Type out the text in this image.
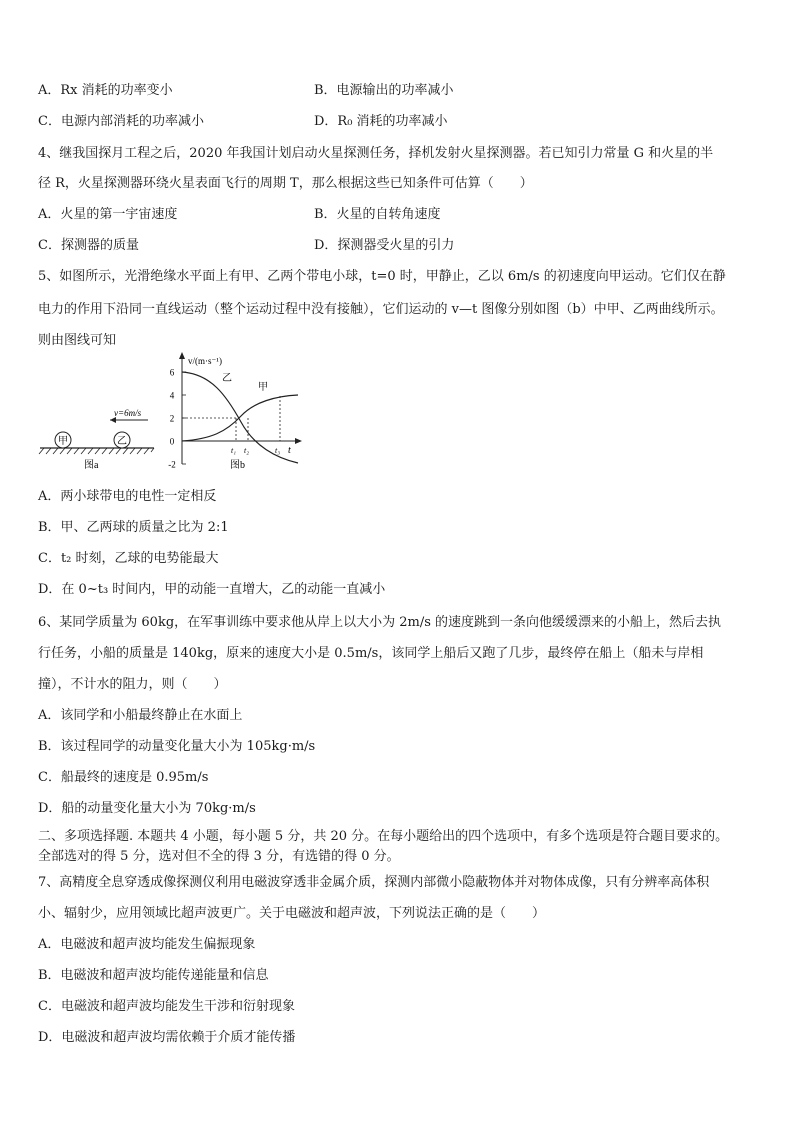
A．Rx 消耗的功率变小	B．电源输出的功率减小
C．电源内部消耗的功率减小	D．R₀ 消耗的功率减小
4、继我国探月工程之后，2020 年我国计划启动火星探测任务，择机发射火星探测器。若已知引力常量 G 和火星的半
径 R，火星探测器环绕火星表面飞行的周期 T，那么根据这些已知条件可估算（　　）
A．火星的第一宇宙速度	B．火星的自转角速度
C．探测器的质量	D．探测器受火星的引力
5、如图所示，光滑绝缘水平面上有甲、乙两个带电小球，t=0 时，甲静止，乙以 6m/s 的初速度向甲运动。它们仅在静
电力的作用下沿同一直线运动（整个运动过程中没有接触），它们运动的 v—t 图像分别如图（b）中甲、乙两曲线所示。
则由图线可知
甲	乙
v=6m/s
图a
v/(m·s⁻¹)
t
6
4
2
0
-2
乙
甲
t₁ t₂	t₃
图b
A．两小球带电的电性一定相反
B．甲、乙两球的质量之比为 2:1
C．t₂ 时刻，乙球的电势能最大
D．在 0~t₃ 时间内，甲的动能一直增大，乙的动能一直减小
6、某同学质量为 60kg，在军事训练中要求他从岸上以大小为 2m/s 的速度跳到一条向他缓缓漂来的小船上，然后去执
行任务，小船的质量是 140kg，原来的速度大小是 0.5m/s，该同学上船后又跑了几步，最终停在船上（船未与岸相
撞），不计水的阻力，则（　　）
A．该同学和小船最终静止在水面上
B．该过程同学的动量变化量大小为 105kg·m/s
C．船最终的速度是 0.95m/s
D．船的动量变化量大小为 70kg·m/s
二、多项选择题. 本题共 4 小题，每小题 5 分，共 20 分。在每小题给出的四个选项中，有多个选项是符合题目要求的。
全部选对的得 5 分，选对但不全的得 3 分，有选错的得 0 分。
7、高精度全息穿透成像探测仪利用电磁波穿透非金属介质，探测内部微小隐蔽物体并对物体成像，只有分辨率高体积
小、辐射少，应用领域比超声波更广。关于电磁波和超声波，下列说法正确的是（　　）
A．电磁波和超声波均能发生偏振现象
B．电磁波和超声波均能传递能量和信息
C．电磁波和超声波均能发生干涉和衍射现象
D．电磁波和超声波均需依赖于介质才能传播
